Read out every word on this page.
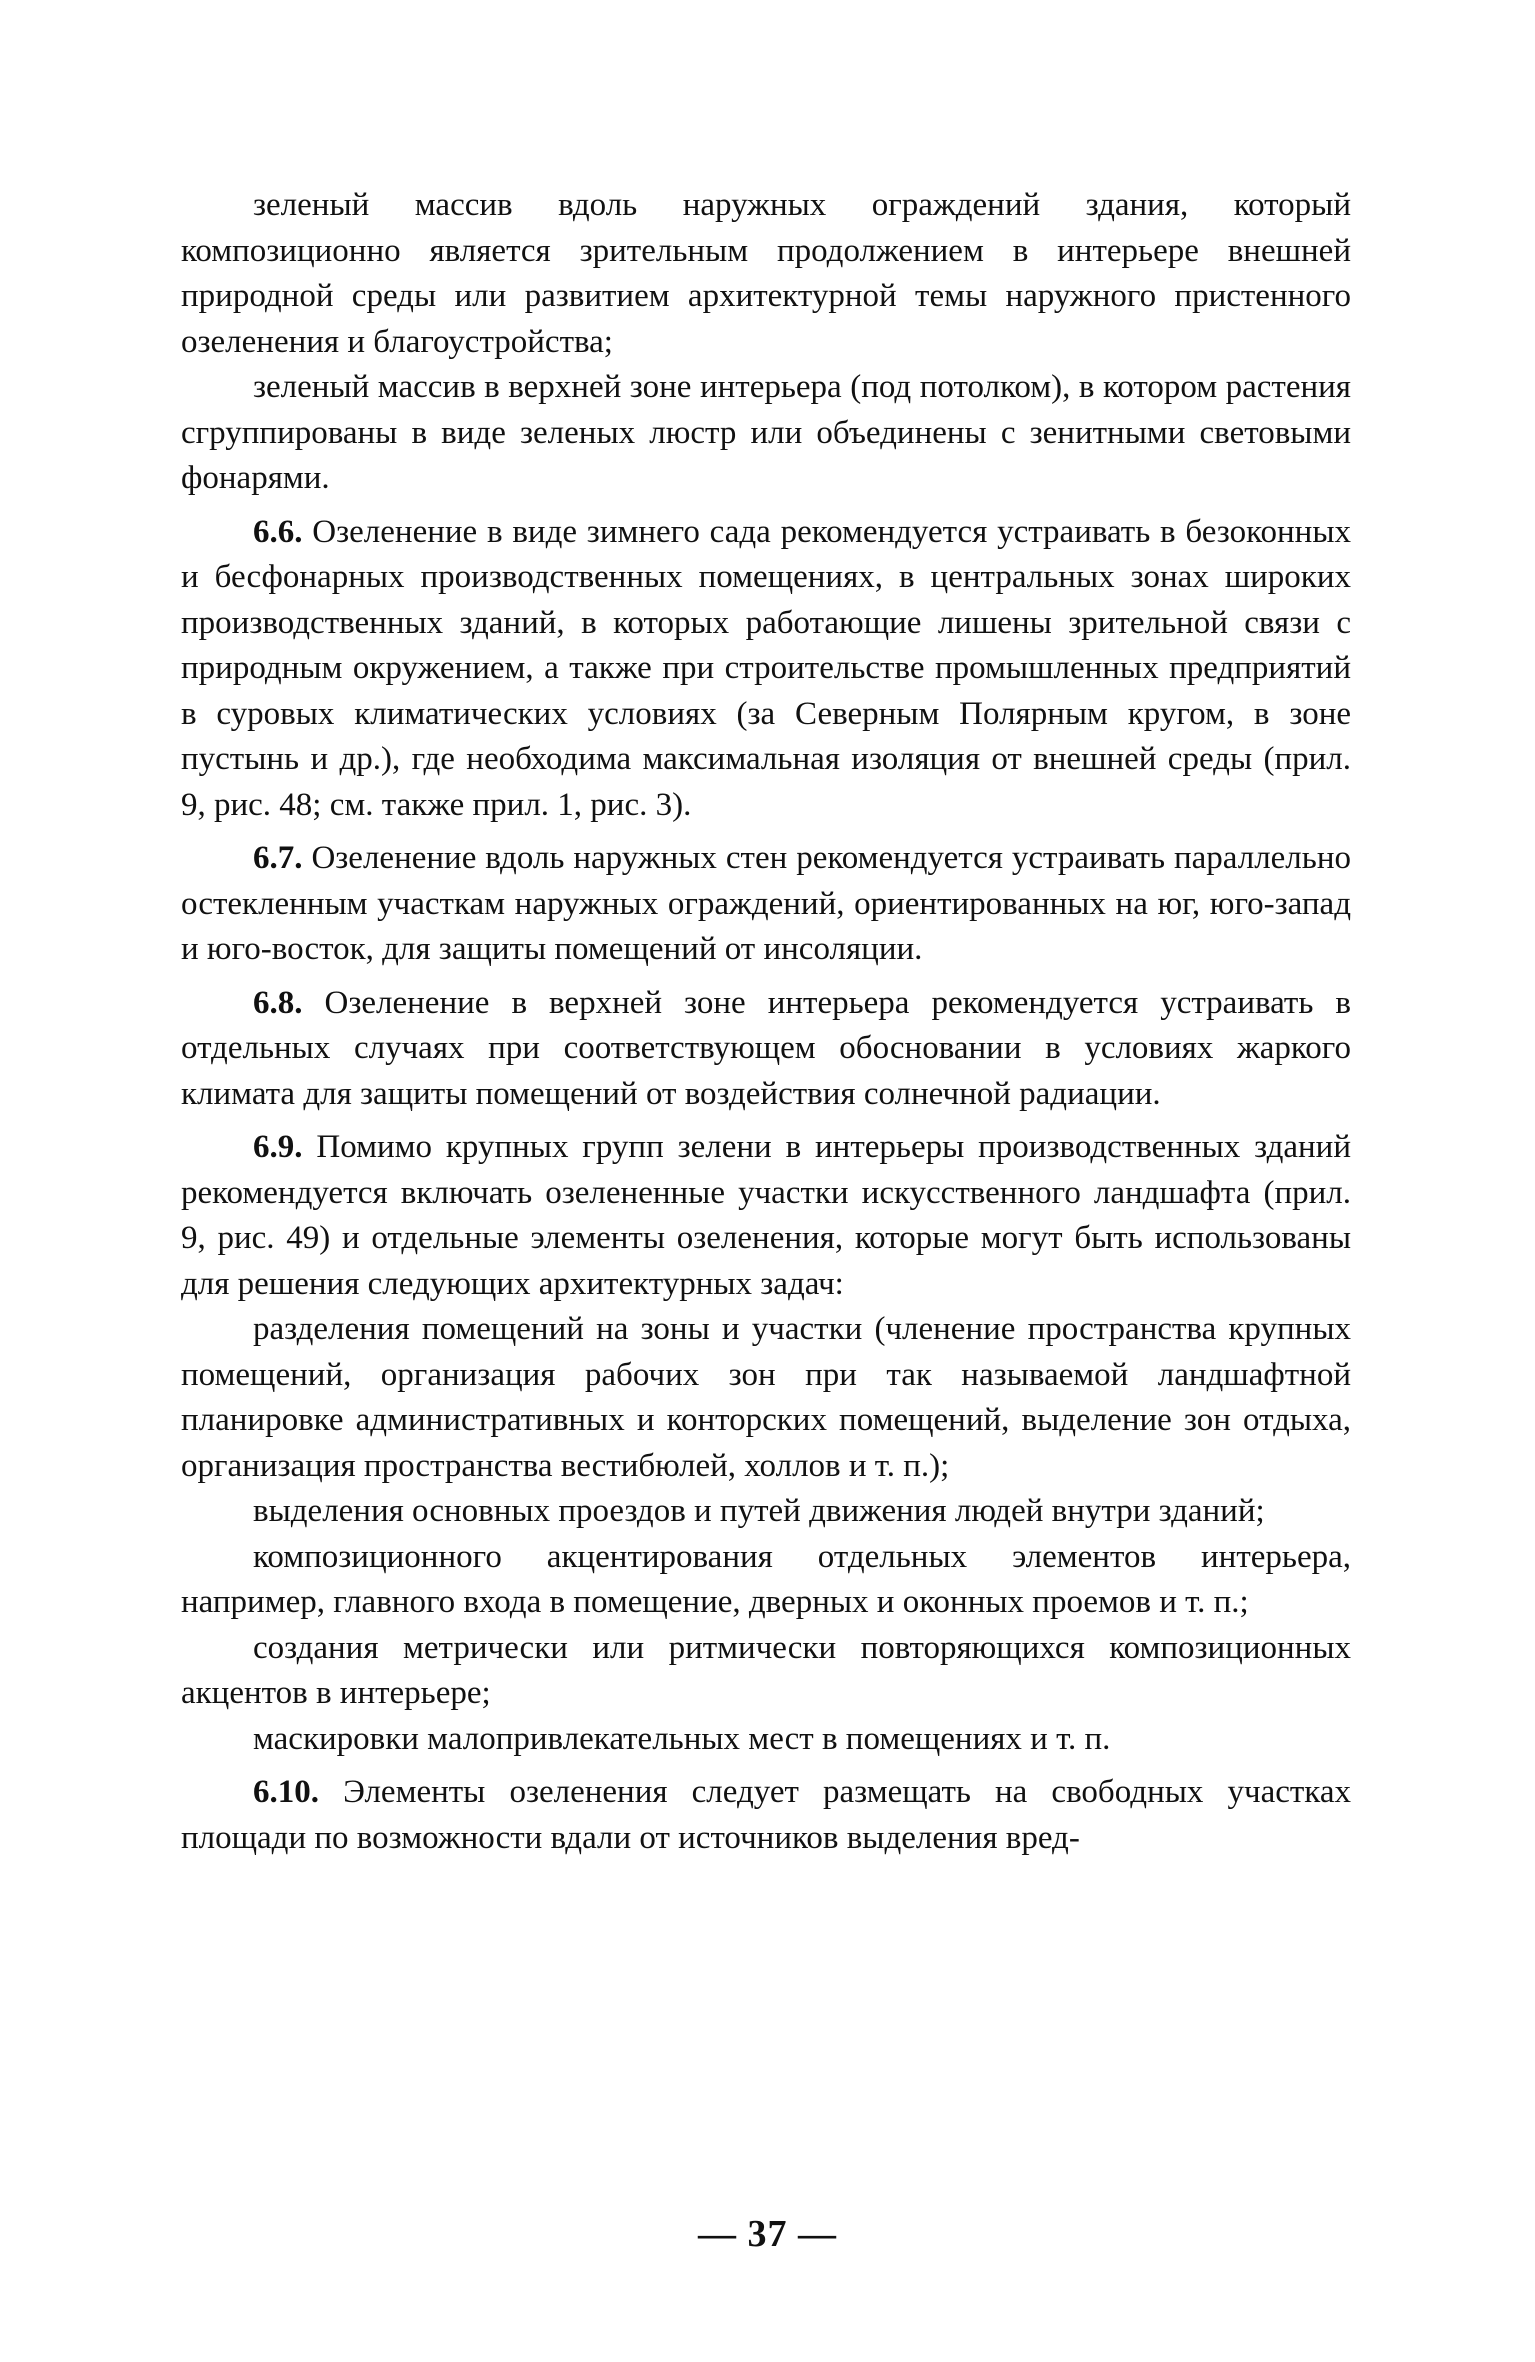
зеленый массив вдоль наружных ограждений здания, который композиционно является зрительным продолжением в интерьере внешней природной среды или развитием архитектурной темы наружного пристенного озеленения и благоустройства;

зеленый массив в верхней зоне интерьера (под потолком), в котором растения сгруппированы в виде зеленых люстр или объединены с зенитными световыми фонарями.

6.6. Озеленение в виде зимнего сада рекомендуется устраивать в безоконных и бесфонарных производственных помещениях, в центральных зонах широких производственных зданий, в которых работающие лишены зрительной связи с природным окружением, а также при строительстве промышленных предприятий в суровых климатических условиях (за Северным Полярным кругом, в зоне пустынь и др.), где необходима максимальная изоляция от внешней среды (прил. 9, рис. 48; см. также прил. 1, рис. 3).

6.7. Озеленение вдоль наружных стен рекомендуется устраивать параллельно остекленным участкам наружных ограждений, ориентированных на юг, юго-запад и юго-восток, для защиты помещений от инсоляции.

6.8. Озеленение в верхней зоне интерьера рекомендуется устраивать в отдельных случаях при соответствующем обосновании в условиях жаркого климата для защиты помещений от воздействия солнечной радиации.

6.9. Помимо крупных групп зелени в интерьеры производственных зданий рекомендуется включать озелененные участки искусственного ландшафта (прил. 9, рис. 49) и отдельные элементы озеленения, которые могут быть использованы для решения следующих архитектурных задач:

разделения помещений на зоны и участки (членение пространства крупных помещений, организация рабочих зон при так называемой ландшафтной планировке административных и конторских помещений, выделение зон отдыха, организация пространства вестибюлей, холлов и т. п.);

выделения основных проездов и путей движения людей внутри зданий;

композиционного акцентирования отдельных элементов интерьера, например, главного входа в помещение, дверных и оконных проемов и т. п.;

создания метрически или ритмически повторяющихся композиционных акцентов в интерьере;

маскировки малопривлекательных мест в помещениях и т. п.

6.10. Элементы озеленения следует размещать на свободных участках площади по возможности вдали от источников выделения вред-

— 37 —
